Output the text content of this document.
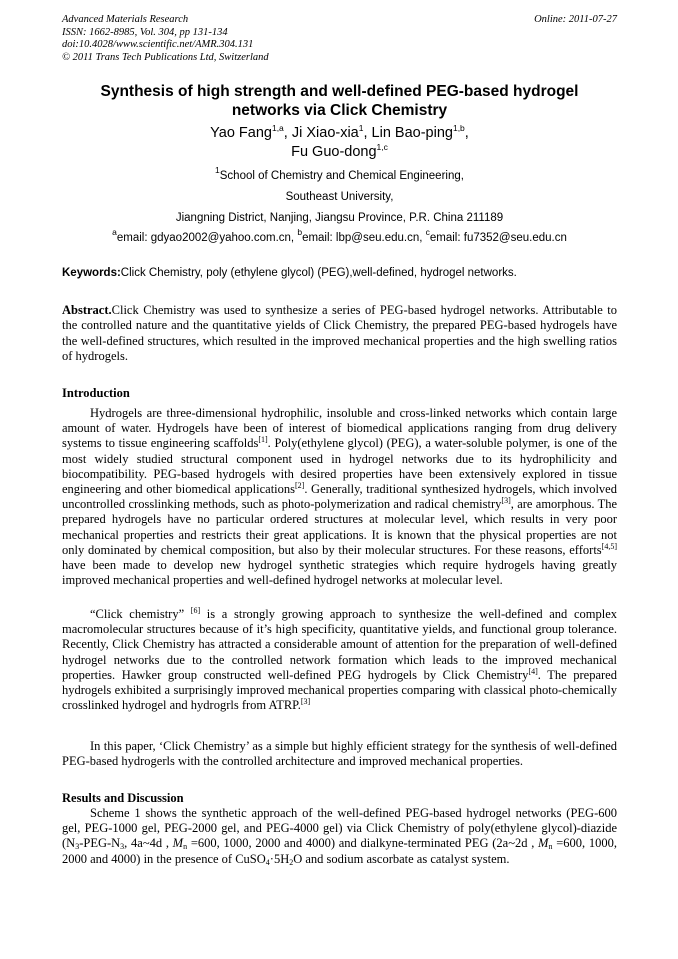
Advanced Materials Research
ISSN: 1662-8985, Vol. 304, pp 131-134
doi:10.4028/www.scientific.net/AMR.304.131
© 2011 Trans Tech Publications Ltd, Switzerland
Online: 2011-07-27
Synthesis of high strength and well-defined PEG-based hydrogel
networks via Click Chemistry
Yao Fang$^{1,a}$, Ji Xiao-xia$^1$, Lin Bao-ping$^{1,b}$,
Fu Guo-dong$^{1,c}$
$^1$School of Chemistry and Chemical Engineering,
Southeast University,
Jiangning District, Nanjing, Jiangsu Province, P.R. China 211189
$^a$email: gdyao2002@yahoo.com.cn, $^b$email: lbp@seu.edu.cn, $^c$email: fu7352@seu.edu.cn
Keywords:Click Chemistry, poly (ethylene glycol) (PEG),well-defined, hydrogel networks.
Abstract.Click Chemistry was used to synthesize a series of PEG-based hydrogel networks. Attributable to the controlled nature and the quantitative yields of Click Chemistry, the prepared PEG-based hydrogels have the well-defined structures, which resulted in the improved mechanical properties and the high swelling ratios of hydrogels.
Introduction
Hydrogels are three-dimensional hydrophilic, insoluble and cross-linked networks which contain large amount of water. Hydrogels have been of interest of biomedical applications ranging from drug delivery systems to tissue engineering scaffolds[1]. Poly(ethylene glycol) (PEG), a water-soluble polymer, is one of the most widely studied structural component used in hydrogel networks due to its hydrophilicity and biocompatibility. PEG-based hydrogels with desired properties have been extensively explored in tissue engineering and other biomedical applications[2]. Generally, traditional synthesized hydrogels, which involved uncontrolled crosslinking methods, such as photo-polymerization and radical chemistry[3], are amorphous. The prepared hydrogels have no particular ordered structures at molecular level, which results in very poor mechanical properties and restricts their great applications. It is known that the physical properties are not only dominated by chemical composition, but also by their molecular structures. For these reasons, efforts[4,5] have been made to develop new hydrogel synthetic strategies which require hydrogels having greatly improved mechanical properties and well-defined hydrogel networks at molecular level.
“Click chemistry” [6] is a strongly growing approach to synthesize the well-defined and complex macromolecular structures because of it’s high specificity, quantitative yields, and functional group tolerance. Recently, Click Chemistry has attracted a considerable amount of attention for the preparation of well-defined hydrogel networks due to the controlled network formation which leads to the improved mechanical properties. Hawker group constructed well-defined PEG hydrogels by Click Chemistry[4]. The prepared hydrogels exhibited a surprisingly improved mechanical properties comparing with classical photo-chemically crosslinked hydrogel and hydrogrls from ATRP.[3]
In this paper, ‘Click Chemistry’ as a simple but highly efficient strategy for the synthesis of well-defined PEG-based hydrogerls with the controlled architecture and improved mechanical properties.
Results and Discussion
Scheme 1 shows the synthetic approach of the well-defined PEG-based hydrogel networks (PEG-600 gel, PEG-1000 gel, PEG-2000 gel, and PEG-4000 gel) via Click Chemistry of poly(ethylene glycol)-diazide ($N_3-PEG-N_3$, 4a~4d , $M_n =600$, 1000, 2000 and 4000) and dialkyne-terminated PEG (2a~2d , $M_n =600$, 1000, 2000 and 4000) in the presence of $CuSO_4\cdot 5H_2O$ and sodium ascorbate as catalyst system.
